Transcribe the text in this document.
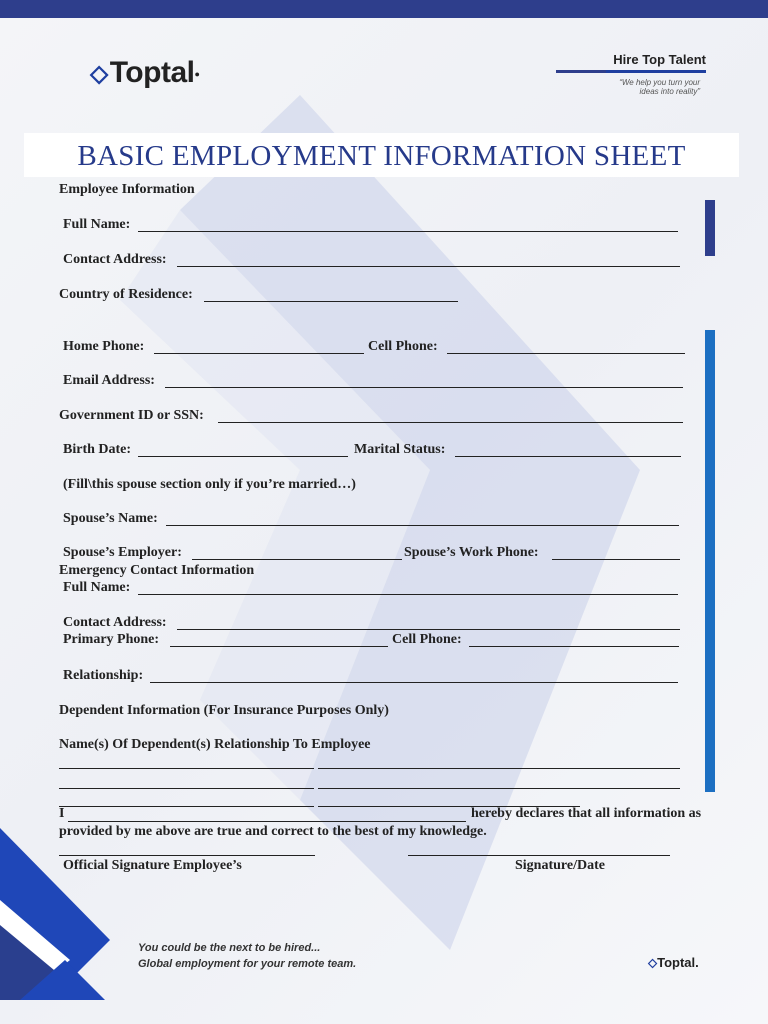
⬦Toptal●
Hire Top Talent
“We help you turn your ideas into reality”
BASIC EMPLOYMENT INFORMATION SHEET
Employee Information
Full Name:
Contact Address:
Country of Residence:
Home Phone:	Cell Phone:
Email Address:
Government ID or SSN:
Birth Date:	Marital Status:
(Fill\this spouse section only if you’re married…)
Spouse’s Name:
Spouse’s Employer:	Spouse’s Work Phone:
Emergency Contact Information
Full Name:
Contact Address:
Primary Phone:	Cell Phone:
Relationship:
Dependent Information (For Insurance Purposes Only)
Name(s) Of Dependent(s) Relationship To Employee
I	hereby declares that all information as
provided by me above are true and correct to the best of my knowledge.
Official Signature Employee’s	Signature/Date
You could be the next to be hired...
Global employment for your remote team.	⬦Toptal.
